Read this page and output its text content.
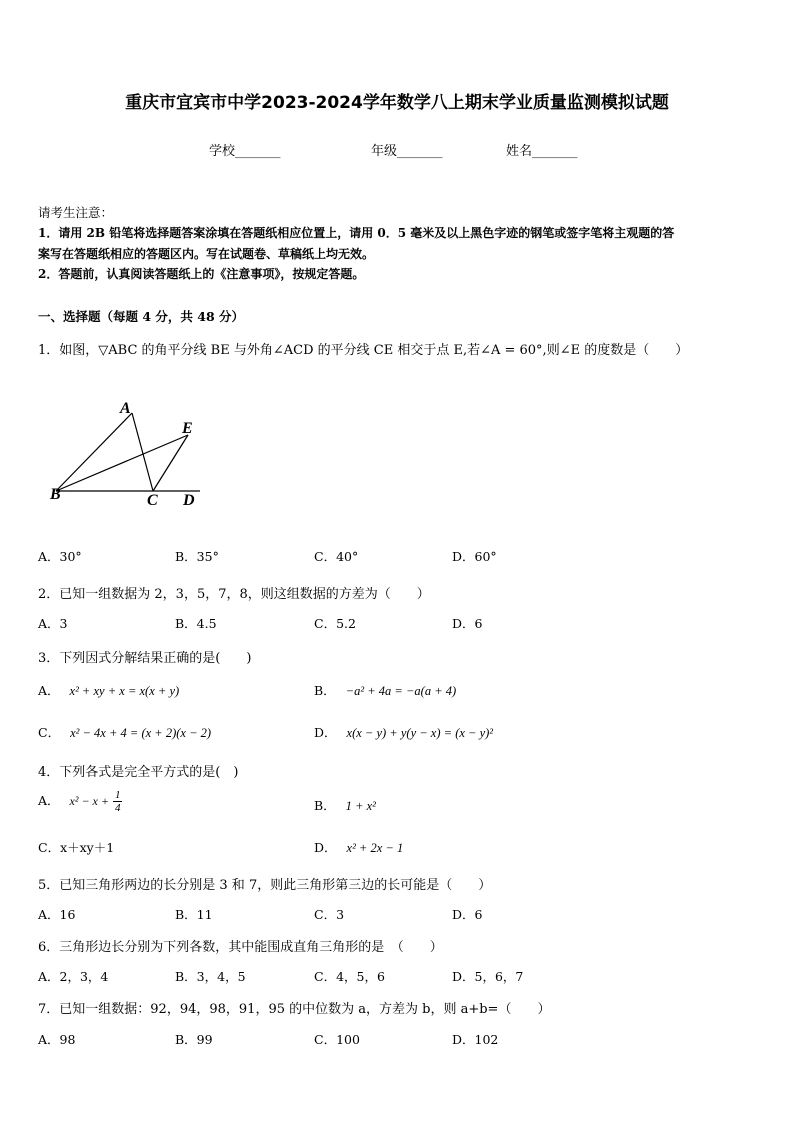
重庆市宜宾市中学2023-2024学年数学八上期末学业质量监测模拟试题
学校_______	年级_______	姓名_______
请考生注意：
1．请用 2B 铅笔将选择题答案涂填在答题纸相应位置上，请用 0．5 毫米及以上黑色字迹的钢笔或签字笔将主观题的答
案写在答题纸相应的答题区内。写在试题卷、草稿纸上均无效。
2．答题前，认真阅读答题纸上的《注意事项》，按规定答题。
一、选择题（每题 4 分，共 48 分）
1．如图，▽ABC 的角平分线 BE 与外角∠ACD 的平分线 CE 相交于点 E,若∠A = 60°,则∠E 的度数是（　　）
A
E
B	C D
A．30°	B．35°	C．40°	D．60°
2．已知一组数据为 2，3，5，7，8，则这组数据的方差为（　　）
A．3	B．4.5	C．5.2	D．6
3．下列因式分解结果正确的是(　　)
A． x² + xy + x = x(x + y)	B． −a² + 4a = −a(a + 4)
C． x² − 4x + 4 = (x + 2)(x − 2)	D． x(x − y) + y(y − x) = (x − y)²
4．下列各式是完全平方式的是(　)
A． $x^2 - x + \frac{1}{4}$	B． 1 + x²
C．x＋xy＋1	D． x² + 2x − 1
5．已知三角形两边的长分别是 3 和 7，则此三角形第三边的长可能是（　　）
A．16	B．11	C．3	D．6
6．三角形边长分别为下列各数，其中能围成直角三角形的是　（　　）
A．2，3，4	B．3，4，5	C．4，5，6	D．5，6，7
7．已知一组数据：92，94，98，91，95 的中位数为 a，方差为 b，则 a+b=（　　）
A．98	B．99	C．100	D．102
